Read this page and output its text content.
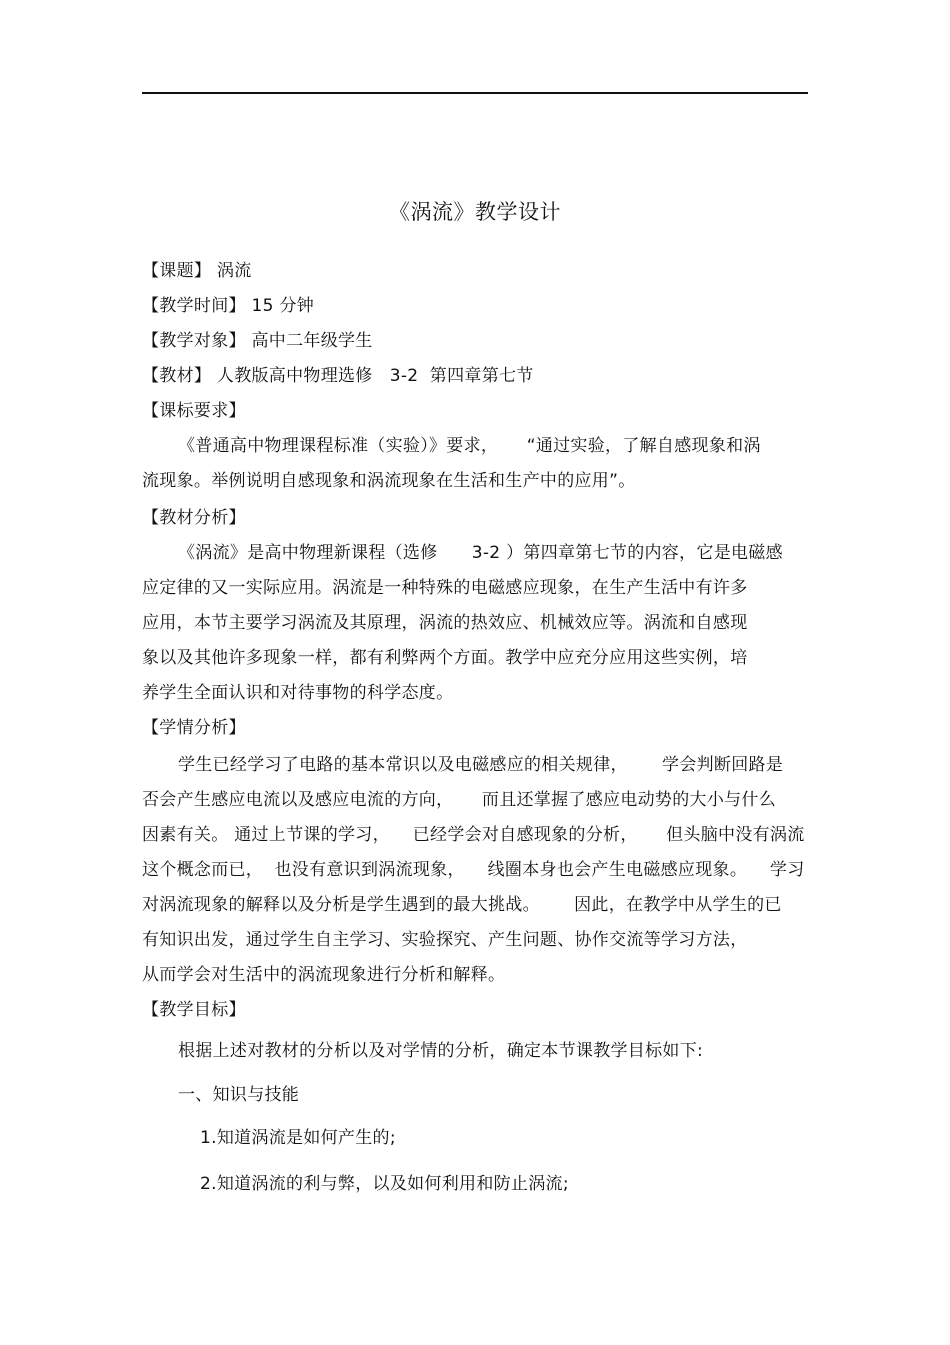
《涡流》教学设计
【课题】 涡流
【教学时间】 15 分钟
【教学对象】 高中二年级学生
【教材】 人教版高中物理选修   3-2  第四章第七节
【课标要求】
《普通高中物理课程标准（实验）》要求，     “通过实验，了解自感现象和涡
流现象。举例说明自感现象和涡流现象在生活和生产中的应用”。
【教材分析】
《涡流》是高中物理新课程（选修      3-2 ）第四章第七节的内容，它是电磁感
应定律的又一实际应用。涡流是一种特殊的电磁感应现象，在生产生活中有许多
应用，本节主要学习涡流及其原理，涡流的热效应、机械效应等。涡流和自感现
象以及其他许多现象一样，都有利弊两个方面。教学中应充分应用这些实例，培
养学生全面认识和对待事物的科学态度。
【学情分析】
学生已经学习了电路的基本常识以及电磁感应的相关规律，      学会判断回路是
否会产生感应电流以及感应电流的方向，     而且还掌握了感应电动势的大小与什么
因素有关。 通过上节课的学习，    已经学会对自感现象的分析，     但头脑中没有涡流
这个概念而已，  也没有意识到涡流现象，    线圈本身也会产生电磁感应现象。    学习
对涡流现象的解释以及分析是学生遇到的最大挑战。      因此，在教学中从学生的已
有知识出发，通过学生自主学习、实验探究、产生问题、协作交流等学习方法，
从而学会对生活中的涡流现象进行分析和解释。
【教学目标】
根据上述对教材的分析以及对学情的分析，确定本节课教学目标如下:
一、知识与技能
1.知道涡流是如何产生的;
2.知道涡流的利与弊，以及如何利用和防止涡流;
